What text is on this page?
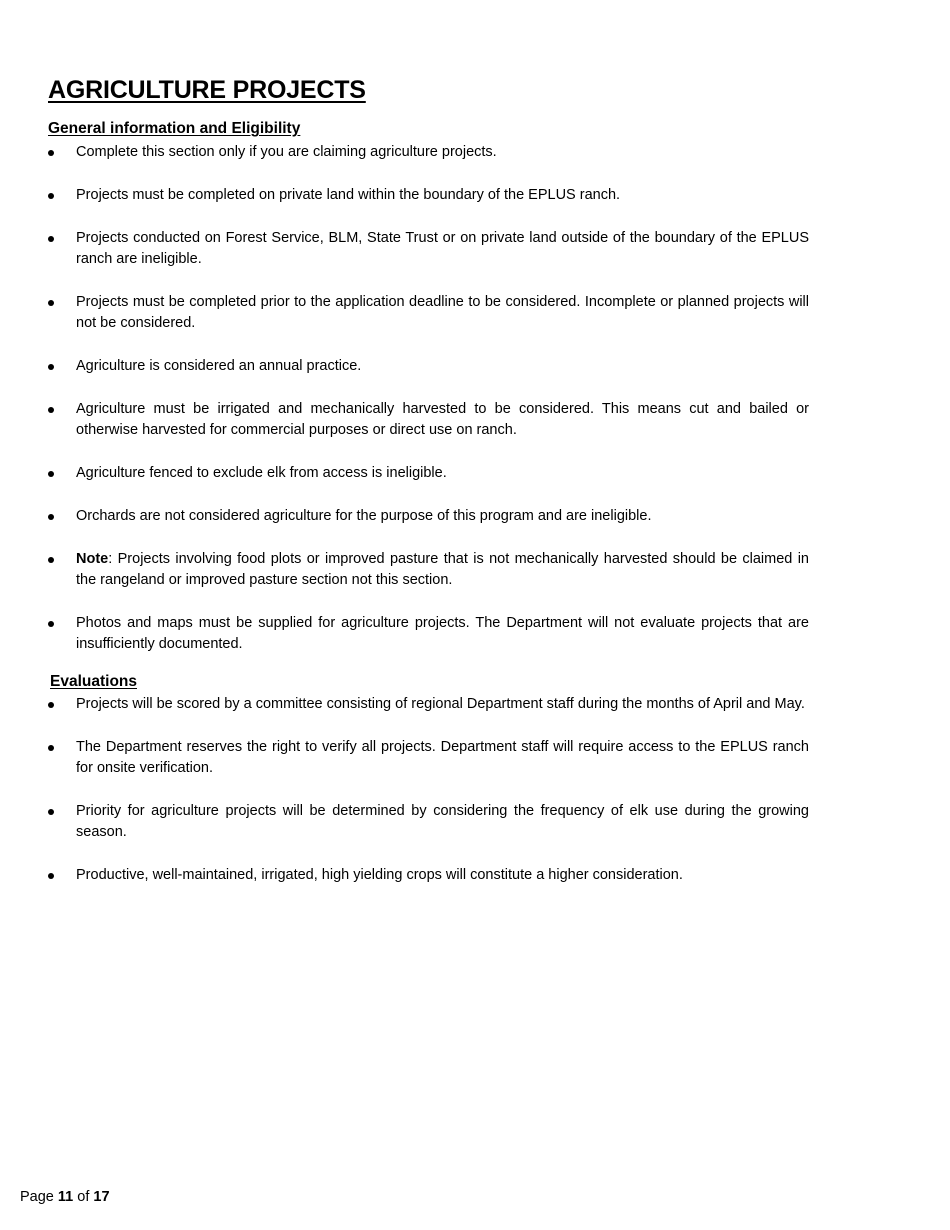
AGRICULTURE PROJECTS
General information and Eligibility
Complete this section only if you are claiming agriculture projects.
Projects must be completed on private land within the boundary of the EPLUS ranch.
Projects conducted on Forest Service, BLM, State Trust or on private land outside of the boundary of the EPLUS ranch are ineligible.
Projects must be completed prior to the application deadline to be considered. Incomplete or planned projects will not be considered.
Agriculture is considered an annual practice.
Agriculture must be irrigated and mechanically harvested to be considered. This means cut and bailed or otherwise harvested for commercial purposes or direct use on ranch.
Agriculture fenced to exclude elk from access is ineligible.
Orchards are not considered agriculture for the purpose of this program and are ineligible.
Note: Projects involving food plots or improved pasture that is not mechanically harvested should be claimed in the rangeland or improved pasture section not this section.
Photos and maps must be supplied for agriculture projects. The Department will not evaluate projects that are insufficiently documented.
Evaluations
Projects will be scored by a committee consisting of regional Department staff during the months of April and May.
The Department reserves the right to verify all projects. Department staff will require access to the EPLUS ranch for onsite verification.
Priority for agriculture projects will be determined by considering the frequency of elk use during the growing season.
Productive, well-maintained, irrigated, high yielding crops will constitute a higher consideration.
Page 11 of 17
